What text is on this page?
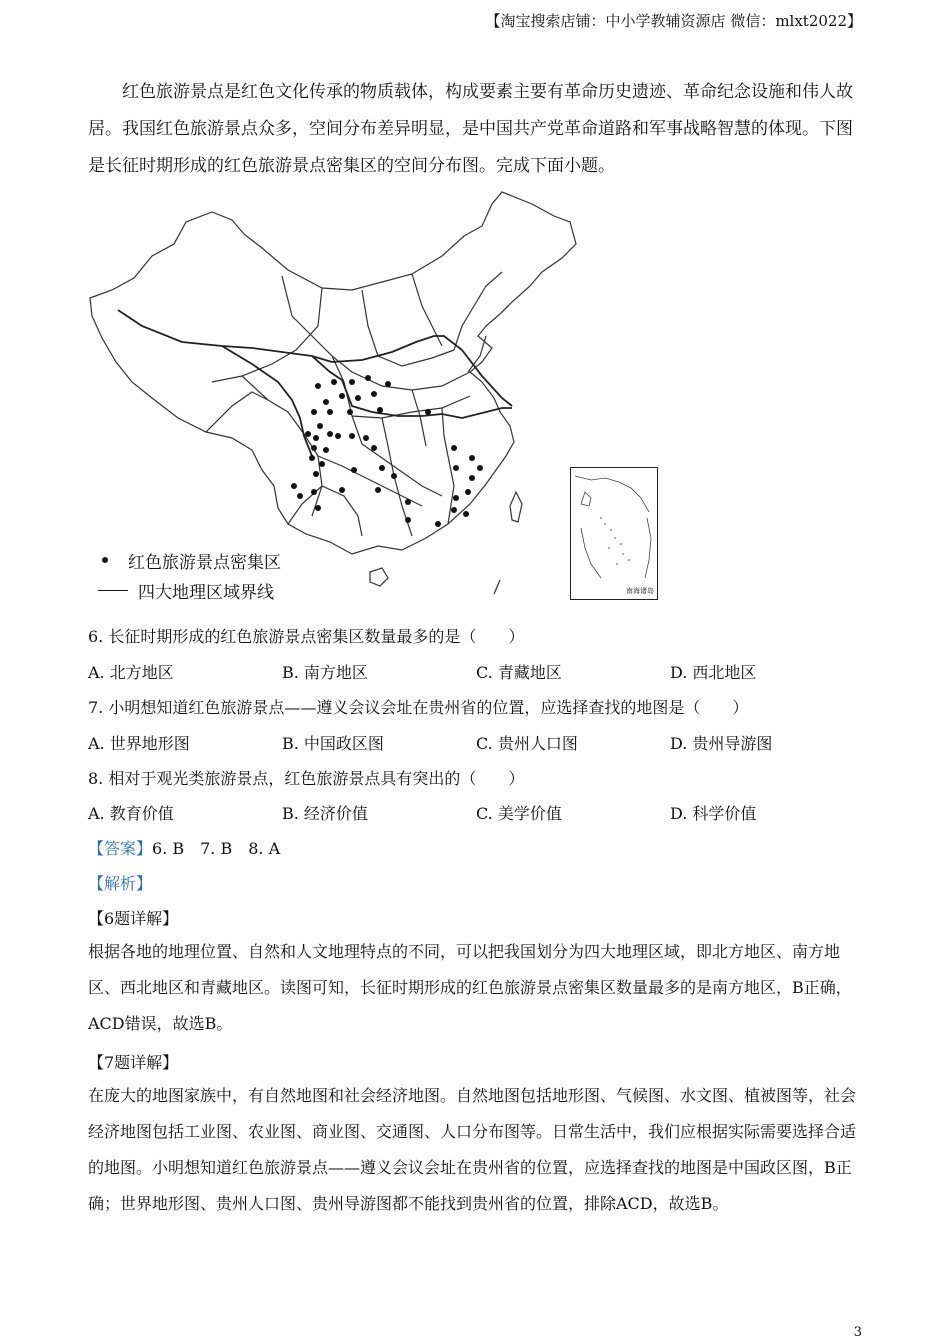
【淘宝搜索店铺：中小学教辅资源店 微信：mlxt2022】

红色旅游景点是红色文化传承的物质载体，构成要素主要有革命历史遗迹、革命纪念设施和伟人故居。我国红色旅游景点众多，空间分布差异明显，是中国共产党革命道路和军事战略智慧的体现。下图是长征时期形成的红色旅游景点密集区的空间分布图。完成下面小题。

南海诸岛
红色旅游景点密集区
四大地理区域界线
6. 长征时期形成的红色旅游景点密集区数量最多的是（　　）
A. 北方地区	B. 南方地区	C. 青藏地区	D. 西北地区
7. 小明想知道红色旅游景点——遵义会议会址在贵州省的位置，应选择查找的地图是（　　）
A. 世界地形图	B. 中国政区图	C. 贵州人口图	D. 贵州导游图
8. 相对于观光类旅游景点，红色旅游景点具有突出的（　　）
A. 教育价值	B. 经济价值	C. 美学价值	D. 科学价值
【答案】6. B　7. B　8. A
【解析】
【6题详解】

根据各地的地理位置、自然和人文地理特点的不同，可以把我国划分为四大地理区域，即北方地区、南方地区、西北地区和青藏地区。读图可知，长征时期形成的红色旅游景点密集区数量最多的是南方地区，B正确，ACD错误，故选B。

【7题详解】

在庞大的地图家族中，有自然地图和社会经济地图。自然地图包括地形图、气候图、水文图、植被图等，社会经济地图包括工业图、农业图、商业图、交通图、人口分布图等。日常生活中，我们应根据实际需要选择合适的地图。小明想知道红色旅游景点——遵义会议会址在贵州省的位置，应选择查找的地图是中国政区图，B正确；世界地形图、贵州人口图、贵州导游图都不能找到贵州省的位置，排除ACD，故选B。

3
